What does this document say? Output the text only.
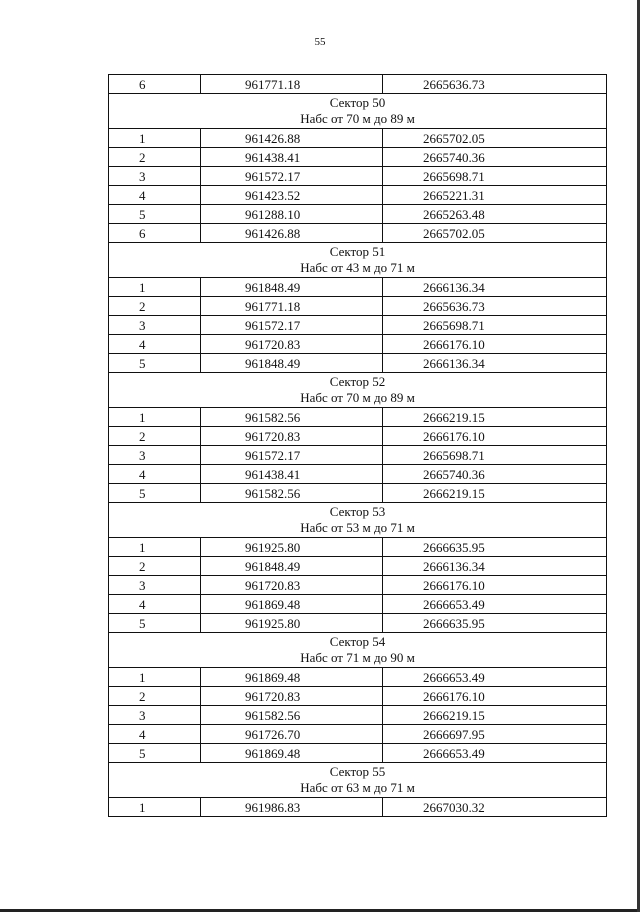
55
6	961771.18	2665636.73

Сектор 50
Набс от 70 м до 89 м		

1	961426.88	2665702.05
2	961438.41	2665740.36
3	961572.17	2665698.71
4	961423.52	2665221.31
5	961288.10	2665263.48
6	961426.88	2665702.05

Сектор 51
Набс от 43 м до 71 м		

1	961848.49	2666136.34
2	961771.18	2665636.73
3	961572.17	2665698.71
4	961720.83	2666176.10
5	961848.49	2666136.34

Сектор 52
Набс от 70 м до 89 м		

1	961582.56	2666219.15
2	961720.83	2666176.10
3	961572.17	2665698.71
4	961438.41	2665740.36
5	961582.56	2666219.15

Сектор 53
Набс от 53 м до 71 м		

1	961925.80	2666635.95
2	961848.49	2666136.34
3	961720.83	2666176.10
4	961869.48	2666653.49
5	961925.80	2666635.95

Сектор 54
Набс от 71 м до 90 м		

1	961869.48	2666653.49
2	961720.83	2666176.10
3	961582.56	2666219.15
4	961726.70	2666697.95
5	961869.48	2666653.49

Сектор 55
Набс от 63 м до 71 м		

1	961986.83	2667030.32
